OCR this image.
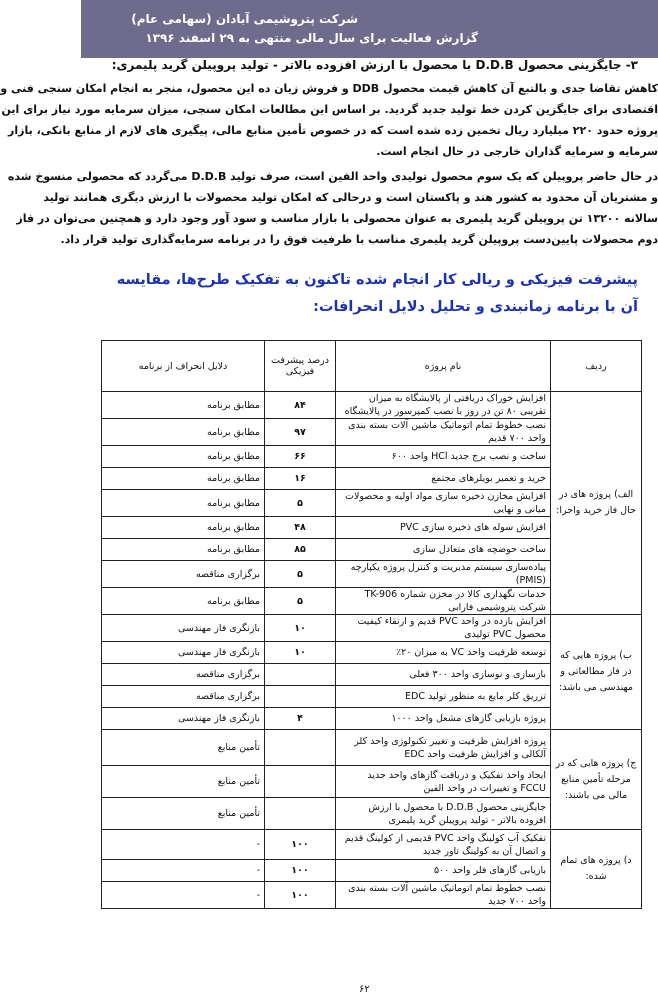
شرکت پتروشیمی آبادان (سهامی عام)
گزارش فعالیت برای سال مالی منتهی به ۲۹ اسفند ۱۳۹۶
۳- جایگزینی محصول D.D.B با محصول با ارزش افزوده بالاتر - تولید پروپیلن گرید پلیمری:
کاهش تقاضا جدی و بالتبع آن کاهش قیمت محصول DDB و فروش زیان ده این محصول، منجر به انجام امکان سنجی فنی و
اقتصادی برای جایگزین کردن خط تولید جدید گردید. بر اساس این مطالعات امکان سنجی، میزان سرمایه مورد نیاز برای این
پروژه حدود ۲۲۰ میلیارد ریال تخمین زده شده است که در خصوص تأمین منابع مالی، پیگیری های لازم از منابع بانکی، بازار
سرمایه و سرمایه گذاران خارجی در حال انجام است.
در حال حاضر پروپیلن که یک سوم محصول تولیدی واحد الفین است، صرف تولید D.D.B می‌گردد که محصولی منسوخ شده
و مشتریان آن محدود به کشور هند و پاکستان است و درحالی که امکان تولید محصولات با ارزش دیگری همانند تولید
سالانه ۱۳۲۰۰ تن پروپیلن گرید پلیمری به عنوان محصولی با بازار مناسب و سود آور وجود دارد و همچنین می‌توان در فاز
دوم محصولات پایین‌دست پروپیلن گرید پلیمری مناسب با ظرفیت فوق را در برنامه سرمایه‌گذاری تولید قرار داد.
پیشرفت فیزیکی و ریالی کار انجام شده تاکنون به تفکیک طرح‌ها، مقایسه آن با برنامه زمانبندی و تحلیل دلایل انحرافات:
ردیف	نام پروژه	درصد پیشرفت فیزیکی	دلایل انحراف از برنامه
الف) پروژه های در حال فاز خرید واجرا:	افزایش خوراک دریافتی از پالایشگاه به میزان تقریبی ۸۰ تن در روز با نصب کمپرسور در پالایشگاه	۸۴	مطابق برنامه
	نصب خطوط تمام اتوماتیک ماشین آلات بسته بندی واحد ۷۰۰ قدیم	۹۷	مطابق برنامه
	ساخت و نصب برج جدید HCl واحد ۶۰۰	۶۶	مطابق برنامه
	خرید و تعمیر بویلرهای مجتمع	۱۶	مطابق برنامه
	افزایش مخازن ذخیره سازی مواد اولیه و محصولات میانی و نهایی	۵	مطابق برنامه
	افزایش سوله های ذخیره سازی PVC	۴۸	مطابق برنامه
	ساخت حوضچه های متعادل سازی	۸۵	مطابق برنامه
	پیاده‌سازی سیستم مدیریت و کنترل پروژه یکپارچه (PMIS)	۵	برگزاری مناقصه
	خدمات نگهداری کالا در مخزن شماره TK-906 شرکت پتروشیمی فارابی	۵	مطابق برنامه
ب) پروژه هایی که در فاز مطالعاتی و مهندسی می باشد:	افزایش بازده در واحد PVC قدیم و ارتقاء کیفیت محصول PVC تولیدی	۱۰	بازنگری فاز مهندسی
	توسعه ظرفیت واحد VC به میزان ۲۰٪	۱۰	بازنگری فاز مهندسی
	بازسازی و نوسازی واحد ۳۰۰ فعلی		برگزاری مناقصه
	تزریق کلر مایع به منظور تولید EDC		برگزاری مناقصه
	پروژه بازیابی گازهای مشعل واحد ۱۰۰۰	۴	بازنگری فاز مهندسی
ج) پروژه هایی که در مرحله تأمین منابع مالی می باشند:	پروژه افزایش ظرفیت و تغییر تکنولوژی واحد کلر آلکالی و افزایش ظرفیت واحد EDC		تأمین منابع
	ایجاد واحد تفکیک و دریافت گازهای واحد جدید FCCU و تغییرات در واحد الفین		تأمین منابع
	جایگزینی محصول D.D.B با محصول با ارزش افزوده بالاتر - تولید پروپیلن گرید پلیمری		تأمین منابع
د) پروژه های تمام شده:	تفکیک آب کولینگ واحد PVC قدیمی از کولینگ قدیم و اتصال آن به کولینگ تاور جدید	۱۰۰	-
	بازیابی گازهای فلر واحد ۵۰۰	۱۰۰	-
	نصب خطوط تمام اتوماتیک ماشین آلات بسته بندی واحد ۷۰۰ جدید	۱۰۰	-
۶۲
